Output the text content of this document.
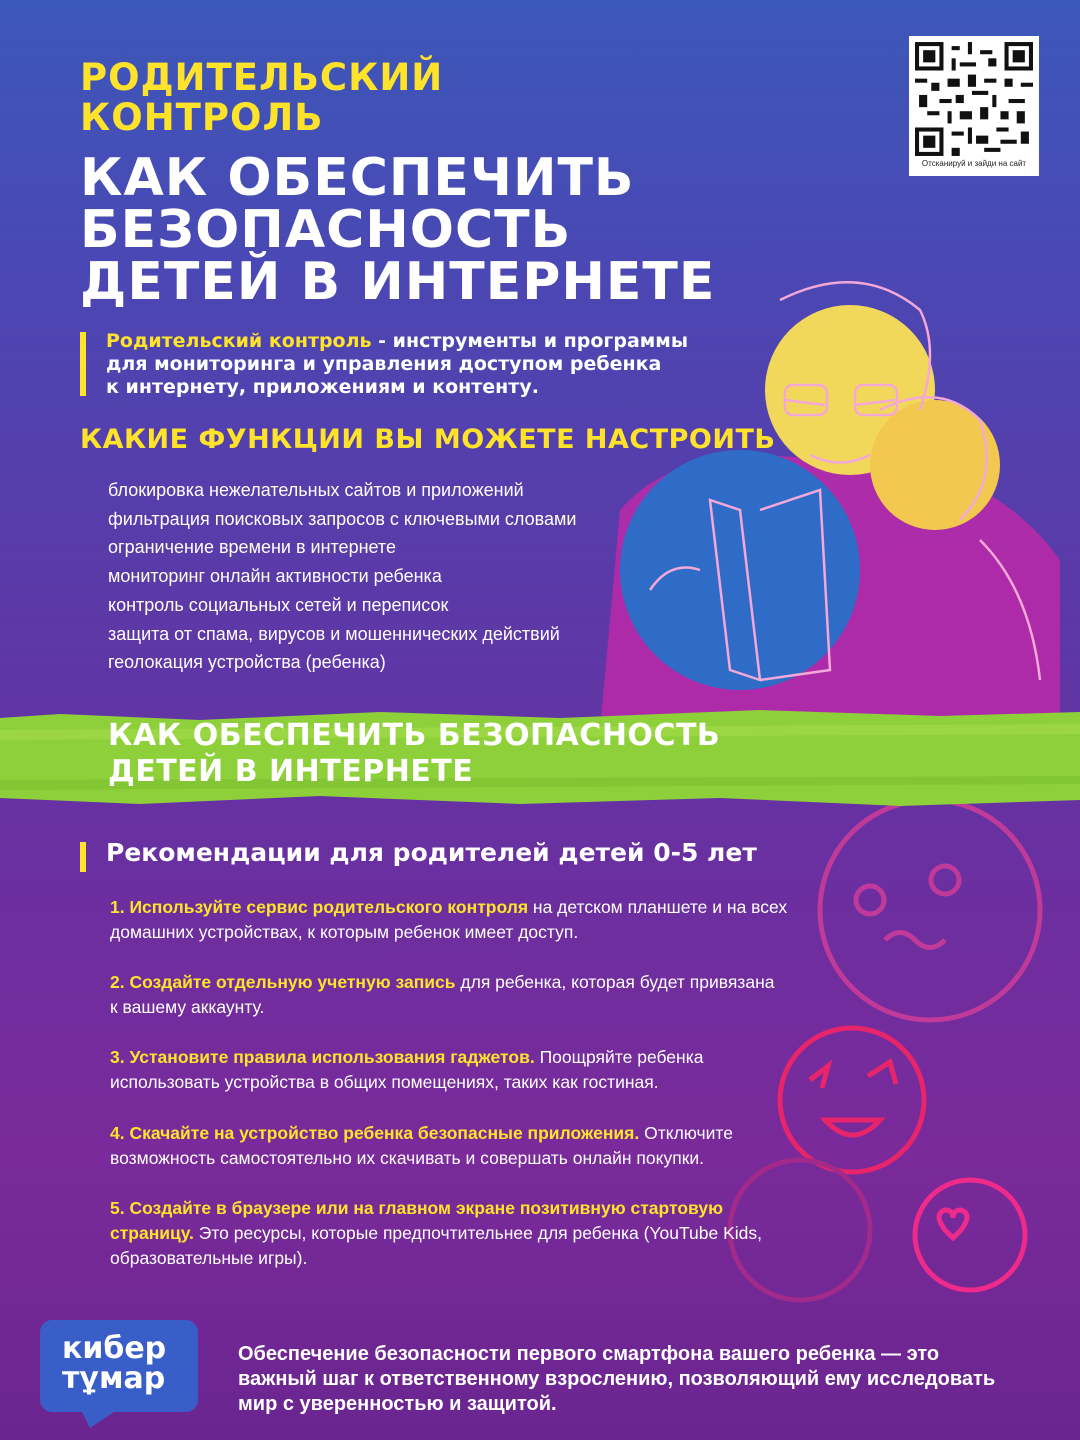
РОДИТЕЛЬСКИЙ
КОНТРОЛЬ
КАК ОБЕСПЕЧИТЬ
БЕЗОПАСНОСТЬ
ДЕТЕЙ В ИНТЕРНЕТЕ
Отсканируй и зайди на сайт
Родительский контроль - инструменты и программы
для мониторинга и управления доступом ребенка
к интернету, приложениям и контенту.
КАКИЕ ФУНКЦИИ ВЫ МОЖЕТЕ НАСТРОИТЬ
блокировка нежелательных сайтов и приложений
фильтрация поисковых запросов с ключевыми словами
ограничение времени в интернете
мониторинг онлайн активности ребенка
контроль социальных сетей и переписок
защита от спама, вирусов и мошеннических действий
геолокация устройства (ребенка)
КАК ОБЕСПЕЧИТЬ БЕЗОПАСНОСТЬ
ДЕТЕЙ В ИНТЕРНЕТЕ
Рекомендации для родителей детей 0-5 лет
1. Используйте сервис родительского контроля на детском планшете и на всех
домашних устройствах, к которым ребенок имеет доступ.
2. Создайте отдельную учетную запись для ребенка, которая будет привязана
к вашему аккаунту.
3. Установите правила использования гаджетов. Поощряйте ребенка
использовать устройства в общих помещениях, таких как гостиная.
4. Скачайте на устройство ребенка безопасные приложения. Отключите
возможность самостоятельно их скачивать и совершать онлайн покупки.
5. Создайте в браузере или на главном экране позитивную стартовую
страницу. Это ресурсы, которые предпочтительнее для ребенка (YouTube Kids,
образовательные игры).
кибер
тұмар
Обеспечение безопасности первого смартфона вашего ребенка — это
важный шаг к ответственному взрослению, позволяющий ему исследовать
мир с уверенностью и защитой.
